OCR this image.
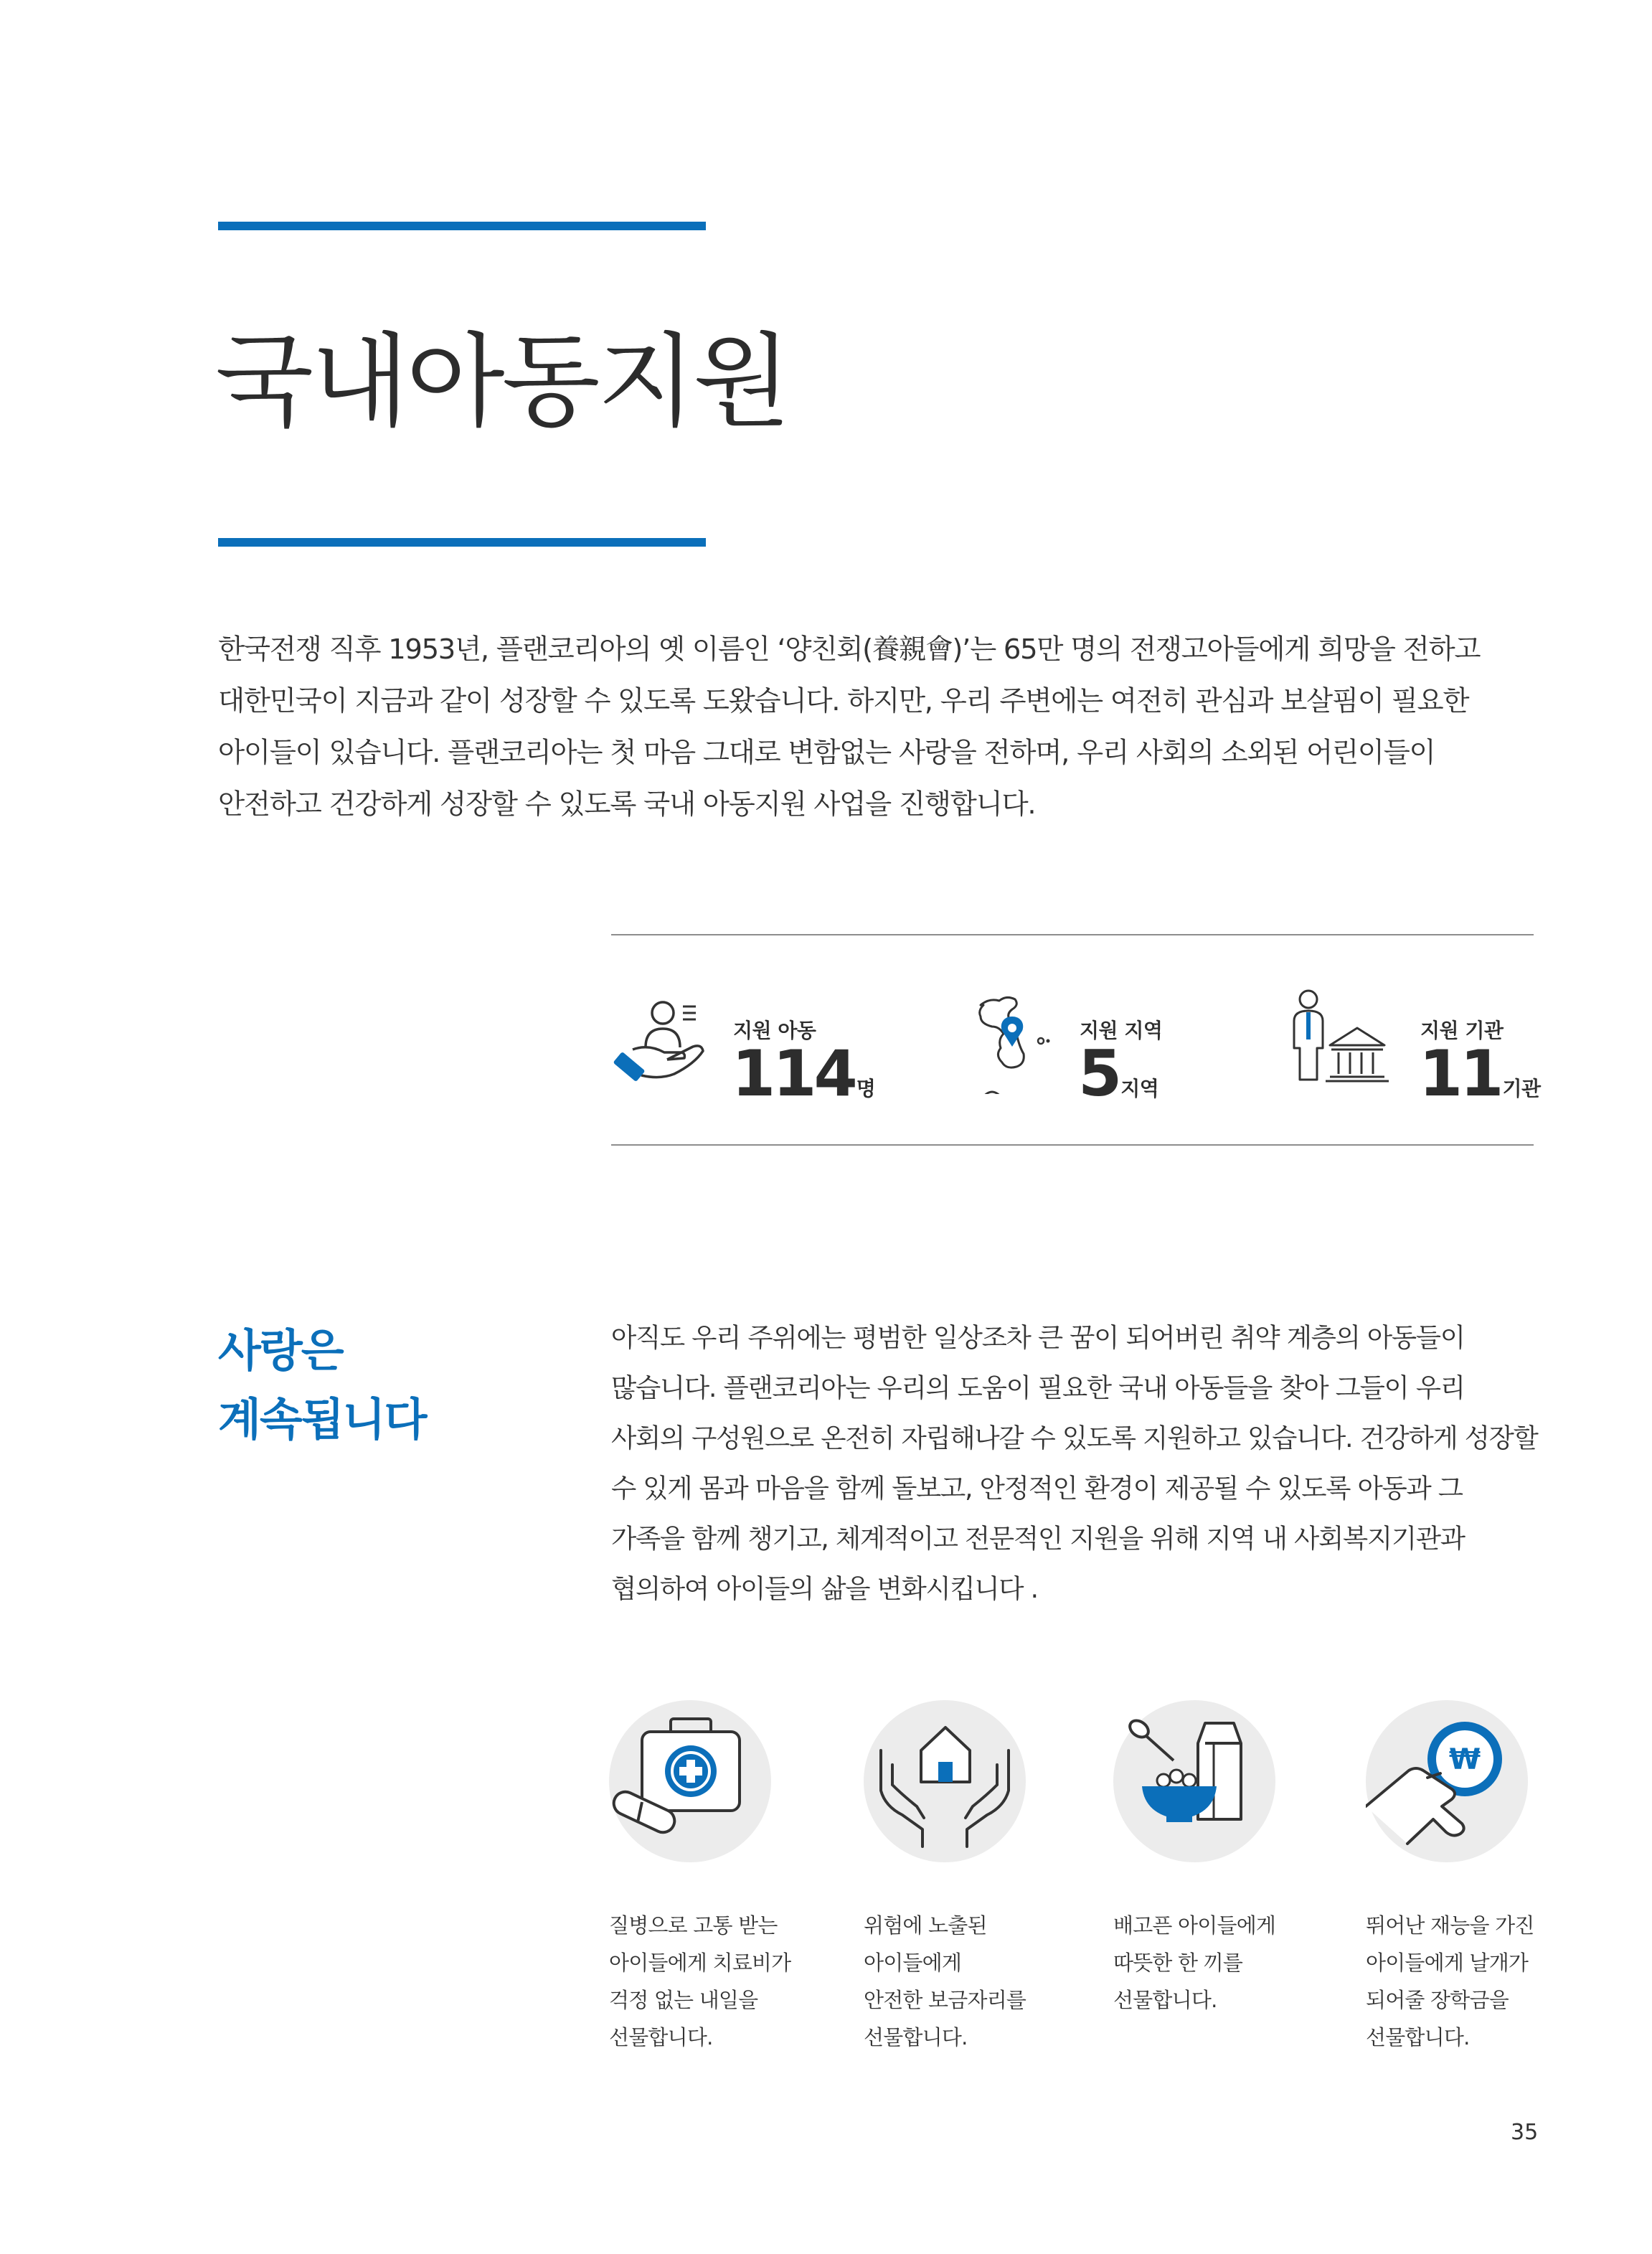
국내아동지원

한국전쟁 직후 1953년, 플랜코리아의 옛 이름인 ‘양친회(養親會)’는 65만 명의 전쟁고아들에게 희망을 전하고 대한민국이 지금과 같이 성장할 수 있도록 도왔습니다. 하지만, 우리 주변에는 여전히 관심과 보살핌이 필요한 아이들이 있습니다. 플랜코리아는 첫 마음 그대로 변함없는 사랑을 전하며, 우리 사회의 소외된 어린이들이 안전하고 건강하게 성장할 수 있도록 국내 아동지원 사업을 진행합니다.

지원 아동
114명
지원 지역
5지역
지원 기관
11기관
사랑은
계속됩니다

아직도 우리 주위에는 평범한 일상조차 큰 꿈이 되어버린 취약 계층의 아동들이 많습니다. 플랜코리아는 우리의 도움이 필요한 국내 아동들을 찾아 그들이 우리 사회의 구성원으로 온전히 자립해나갈 수 있도록 지원하고 있습니다. 건강하게 성장할 수 있게 몸과 마음을 함께 돌보고, 안정적인 환경이 제공될 수 있도록 아동과 그 가족을 함께 챙기고, 체계적이고 전문적인 지원을 위해 지역 내 사회복지기관과 협의하여 아이들의 삶을 변화시킵니다 .

질병으로 고통 받는
아이들에게 치료비가
걱정 없는 내일을
선물합니다.
위험에 노출된
아이들에게
안전한 보금자리를
선물합니다.
배고픈 아이들에게
따뜻한 한 끼를
선물합니다.
₩
뛰어난 재능을 가진
아이들에게 날개가
되어줄 장학금을
선물합니다.
35
